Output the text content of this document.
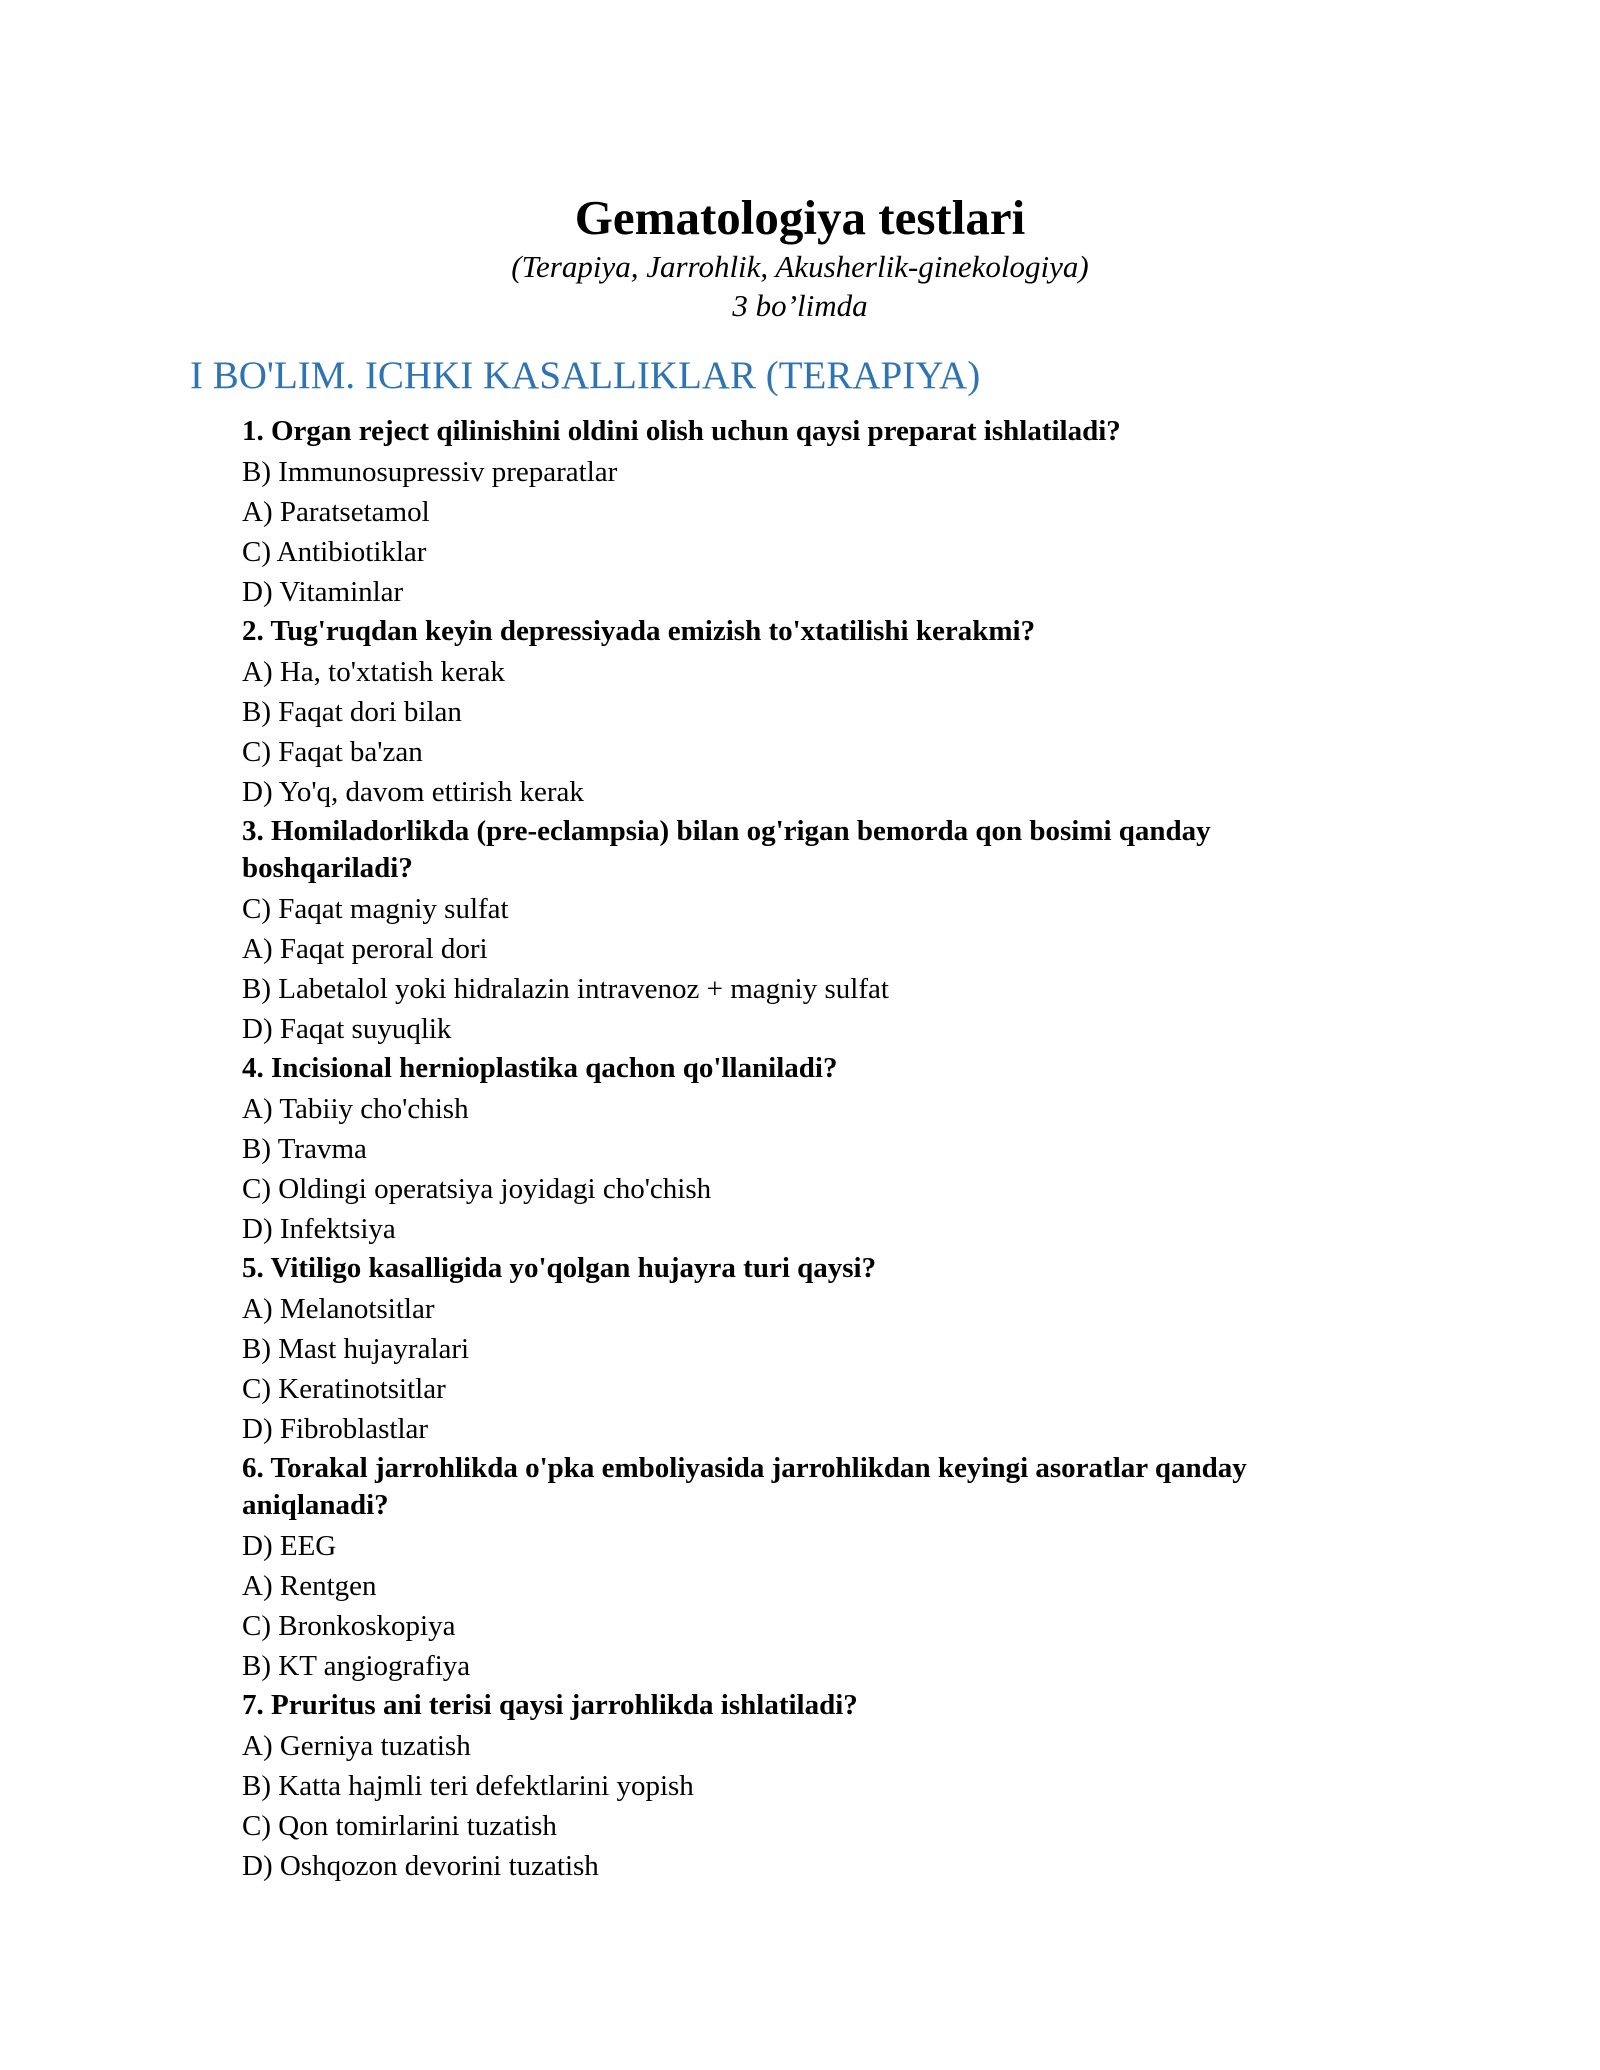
Gematologiya testlari
(Terapiya, Jarrohlik, Akusherlik-ginekologiya)
3 bo’limda
I BO'LIM. ICHKI KASALLIKLAR (TERAPIYA)
1. Organ reject qilinishini oldini olish uchun qaysi preparat ishlatiladi?
B) Immunosupressiv preparatlar
A) Paratsetamol
C) Antibiotiklar
D) Vitaminlar
2. Tug'ruqdan keyin depressiyada emizish to'xtatilishi kerakmi?
A) Ha, to'xtatish kerak
B) Faqat dori bilan
C) Faqat ba'zan
D) Yo'q, davom ettirish kerak
3. Homiladorlikda (pre-eclampsia) bilan og'rigan bemorda qon bosimi qanday boshqariladi?
C) Faqat magniy sulfat
A) Faqat peroral dori
B) Labetalol yoki hidralazin intravenoz + magniy sulfat
D) Faqat suyuqlik
4. Incisional hernioplastika qachon qo'llaniladi?
A) Tabiiy cho'chish
B) Travma
C) Oldingi operatsiya joyidagi cho'chish
D) Infektsiya
5. Vitiligo kasalligida yo'qolgan hujayra turi qaysi?
A) Melanotsitlar
B) Mast hujayralari
C) Keratinotsitlar
D) Fibroblastlar
6. Torakal jarrohlikda o'pka emboliyasida jarrohlikdan keyingi asoratlar qanday aniqlanadi?
D) EEG
A) Rentgen
C) Bronkoskopiya
B) KT angiografiya
7. Pruritus ani terisi qaysi jarrohlikda ishlatiladi?
A) Gerniya tuzatish
B) Katta hajmli teri defektlarini yopish
C) Qon tomirlarini tuzatish
D) Oshqozon devorini tuzatish
